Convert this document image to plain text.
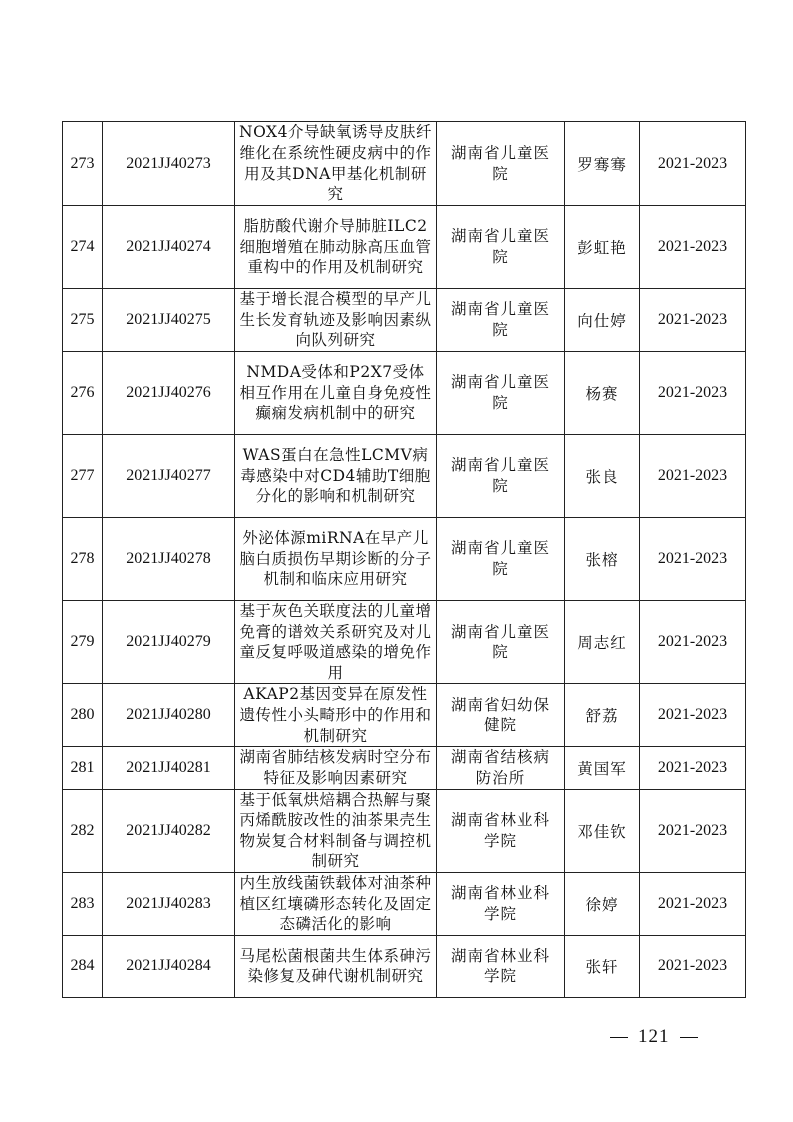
273	2021JJ40273	NOX4介导缺氧诱导皮肤纤维化在系统性硬皮病中的作用及其DNA甲基化机制研究	湖南省儿童医院	罗骞骞	2021-2023
274	2021JJ40274	脂肪酸代谢介导肺脏ILC2细胞增殖在肺动脉高压血管重构中的作用及机制研究	湖南省儿童医院	彭虹艳	2021-2023
275	2021JJ40275	基于增长混合模型的早产儿生长发育轨迹及影响因素纵向队列研究	湖南省儿童医院	向仕婷	2021-2023
276	2021JJ40276	NMDA受体和P2X7受体相互作用在儿童自身免疫性癫痫发病机制中的研究	湖南省儿童医院	杨赛	2021-2023
277	2021JJ40277	WAS蛋白在急性LCMV病毒感染中对CD4辅助T细胞分化的影响和机制研究	湖南省儿童医院	张良	2021-2023
278	2021JJ40278	外泌体源miRNA在早产儿脑白质损伤早期诊断的分子机制和临床应用研究	湖南省儿童医院	张榕	2021-2023
279	2021JJ40279	基于灰色关联度法的儿童增免膏的谱效关系研究及对儿童反复呼吸道感染的增免作用	湖南省儿童医院	周志红	2021-2023
280	2021JJ40280	AKAP2基因变异在原发性遗传性小头畸形中的作用和机制研究	湖南省妇幼保健院	舒荔	2021-2023
281	2021JJ40281	湖南省肺结核发病时空分布特征及影响因素研究	湖南省结核病防治所	黄国军	2021-2023
282	2021JJ40282	基于低氧烘焙耦合热解与聚丙烯酰胺改性的油茶果壳生物炭复合材料制备与调控机制研究	湖南省林业科学院	邓佳钦	2021-2023
283	2021JJ40283	内生放线菌铁载体对油茶种植区红壤磷形态转化及固定态磷活化的影响	湖南省林业科学院	徐婷	2021-2023
284	2021JJ40284	马尾松菌根菌共生体系砷污染修复及砷代谢机制研究	湖南省林业科学院	张轩	2021-2023
121
